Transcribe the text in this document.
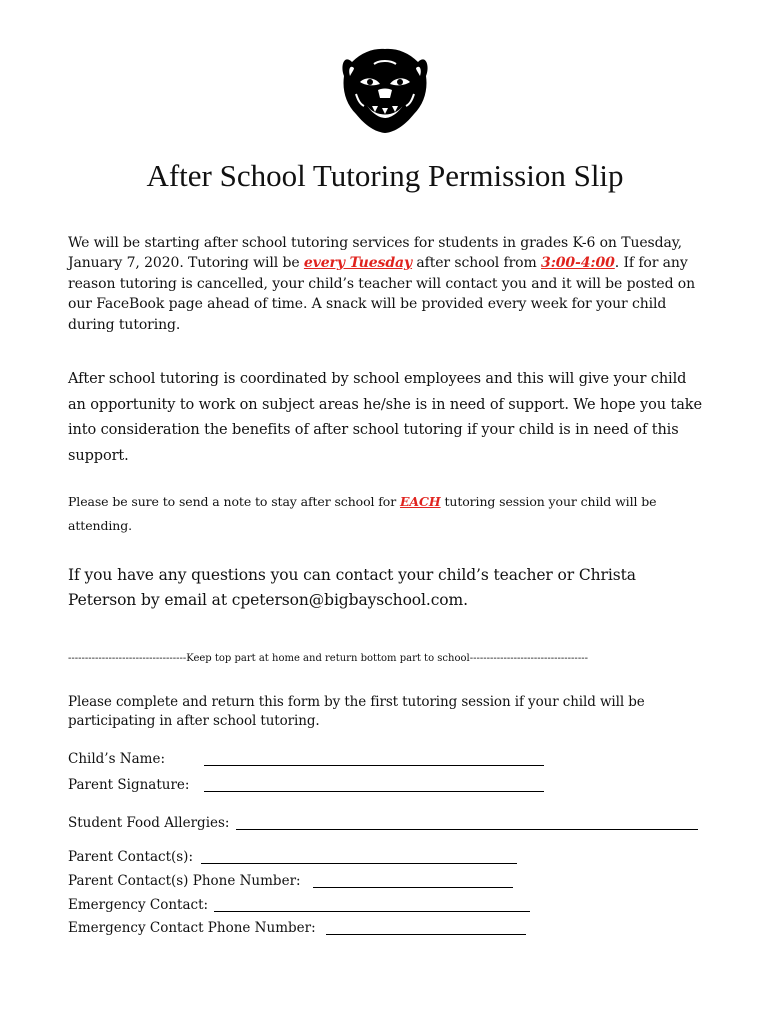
After School Tutoring Permission Slip

We will be starting after school tutoring services for students in grades K-6 on Tuesday, January 7, 2020. Tutoring will be every Tuesday after school from 3:00-4:00. If for any reason tutoring is cancelled, your child’s teacher will contact you and it will be posted on our FaceBook page ahead of time. A snack will be provided every week for your child during tutoring.

After school tutoring is coordinated by school employees and this will give your child an opportunity to work on subject areas he/she is in need of support. We hope you take into consideration the benefits of after school tutoring if your child is in need of this support.

Please be sure to send a note to stay after school for EACH tutoring session your child will be attending.

If you have any questions you can contact your child’s teacher or Christa Peterson by email at cpeterson@bigbayschool.com.

-----------------------------------Keep top part at home and return bottom part to school-----------------------------------

Please complete and return this form by the first tutoring session if your child will be participating in after school tutoring.

Child’s Name:
Parent Signature:
Student Food Allergies:
Parent Contact(s):
Parent Contact(s) Phone Number:
Emergency Contact:
Emergency Contact Phone Number:
